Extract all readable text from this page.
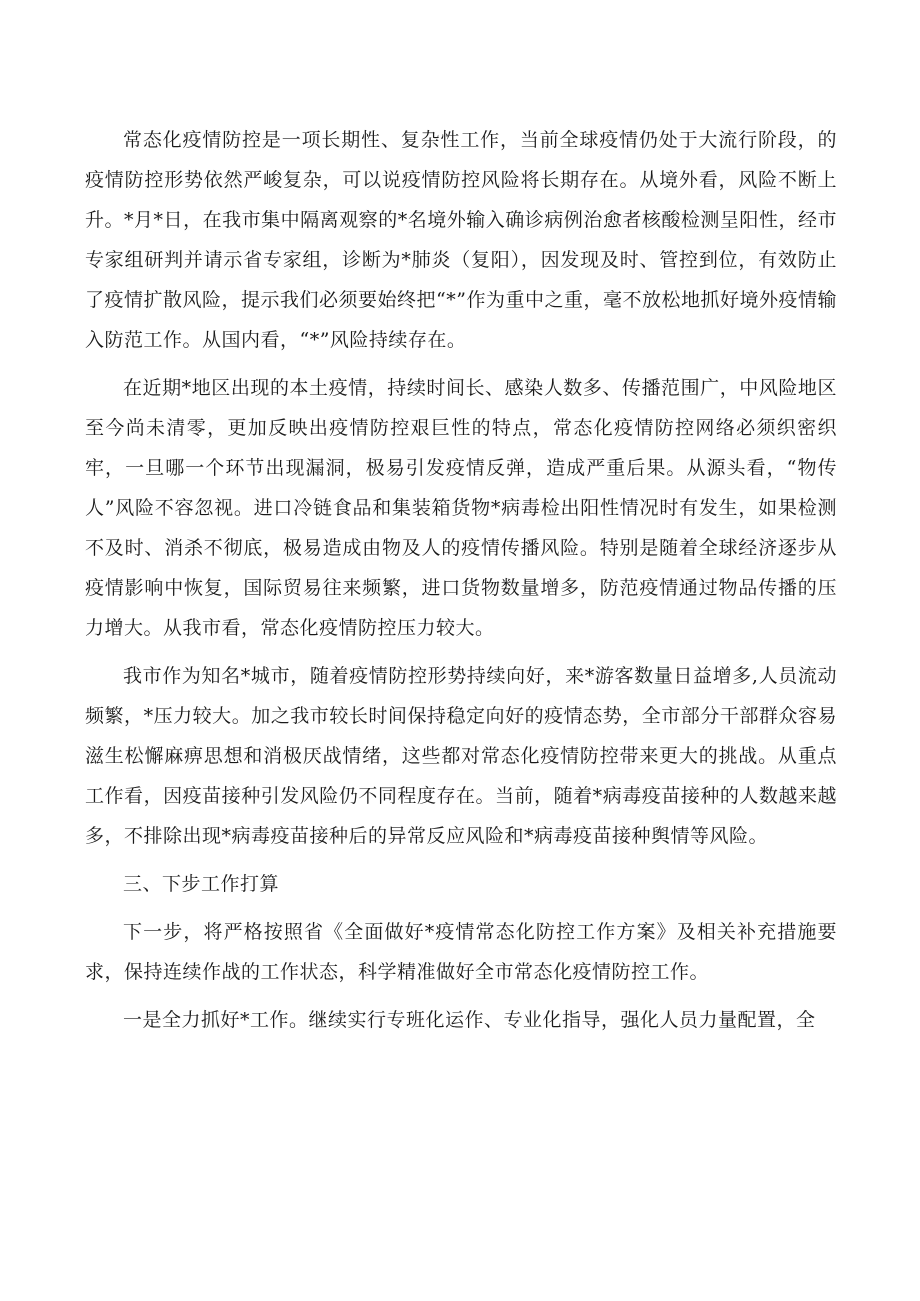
常态化疫情防控是一项长期性、复杂性工作，当前全球疫情仍处于大流行阶段，的疫情防控形势依然严峻复杂，可以说疫情防控风险将长期存在。从境外看，风险不断上升。*月*日，在我市集中隔离观察的*名境外输入确诊病例治愈者核酸检测呈阳性，经市专家组研判并请示省专家组，诊断为*肺炎（复阳），因发现及时、管控到位，有效防止了疫情扩散风险，提示我们必须要始终把“*”作为重中之重，毫不放松地抓好境外疫情输入防范工作。从国内看，“*”风险持续存在。

在近期*地区出现的本土疫情，持续时间长、感染人数多、传播范围广，中风险地区至今尚未清零，更加反映出疫情防控艰巨性的特点，常态化疫情防控网络必须织密织牢，一旦哪一个环节出现漏洞，极易引发疫情反弹，造成严重后果。从源头看，“物传人”风险不容忽视。进口冷链食品和集装箱货物*病毒检出阳性情况时有发生，如果检测不及时、消杀不彻底，极易造成由物及人的疫情传播风险。特别是随着全球经济逐步从疫情影响中恢复，国际贸易往来频繁，进口货物数量增多，防范疫情通过物品传播的压力增大。从我市看，常态化疫情防控压力较大。

我市作为知名*城市，随着疫情防控形势持续向好，来*游客数量日益增多,人员流动频繁，*压力较大。加之我市较长时间保持稳定向好的疫情态势，全市部分干部群众容易滋生松懈麻痹思想和消极厌战情绪，这些都对常态化疫情防控带来更大的挑战。从重点工作看，因疫苗接种引发风险仍不同程度存在。当前，随着*病毒疫苗接种的人数越来越多，不排除出现*病毒疫苗接种后的异常反应风险和*病毒疫苗接种舆情等风险。

三、下步工作打算

下一步，将严格按照省《全面做好*疫情常态化防控工作方案》及相关补充措施要求，保持连续作战的工作状态，科学精准做好全市常态化疫情防控工作。

一是全力抓好*工作。继续实行专班化运作、专业化指导，强化人员力量配置，全
